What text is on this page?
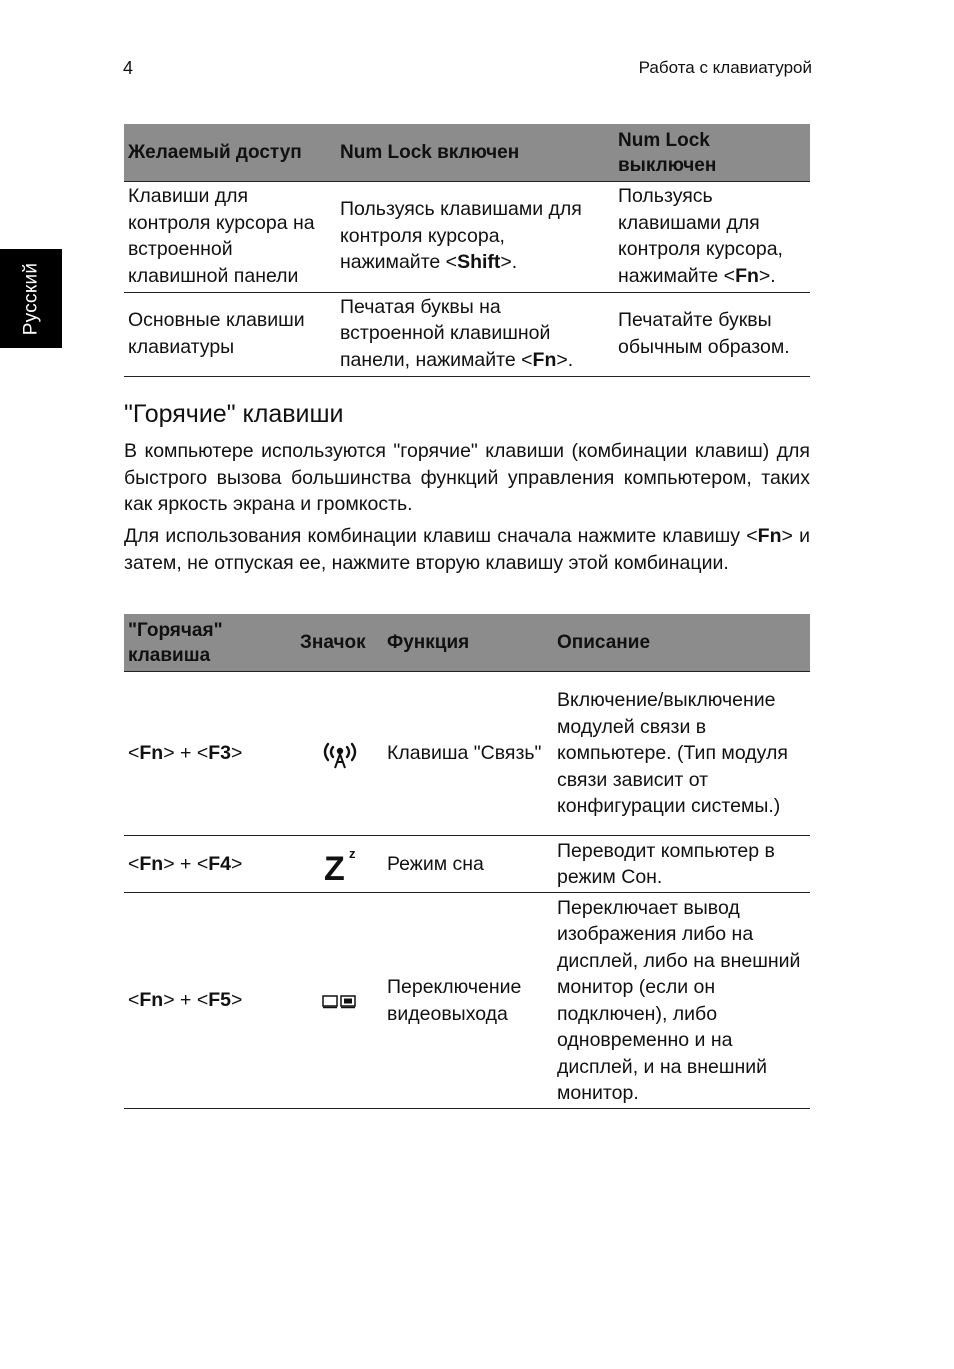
4	Работа с клавиатурой
Русский
Желаемый доступ	Num Lock включен	Num Lock выключен
Клавиши для контроля курсора на встроенной клавишной панели	Пользуясь клавишами для контроля курсора, нажимайте <Shift>.	Пользуясь клавишами для контроля курсора, нажимайте <Fn>.
Основные клавиши клавиатуры	Печатая буквы на встроенной клавишной панели, нажимайте <Fn>.	Печатайте буквы обычным образом.
"Горячие" клавиши

В компьютере используются "горячие" клавиши (комбинации клавиш) для быстрого вызова большинства функций управления компьютером, таких как яркость экрана и громкость.

Для использования комбинации клавиш сначала нажмите клавишу <Fn> и затем, не отпуская ее, нажмите вторую клавишу этой комбинации.

"Горячая" клавиша	Значок	Функция	Описание
<Fn> + <F3>		Клавиша "Связь"	Включение/выключение модулей связи в компьютере. (Тип модуля связи зависит от конфигурации системы.)
<Fn> + <F4>	Z z	Режим сна	Переводит компьютер в режим Сон.
<Fn> + <F5>		Переключение видеовыхода	Переключает вывод изображения либо на дисплей, либо на внешний монитор (если он подключен), либо одновременно и на дисплей, и на внешний монитор.
